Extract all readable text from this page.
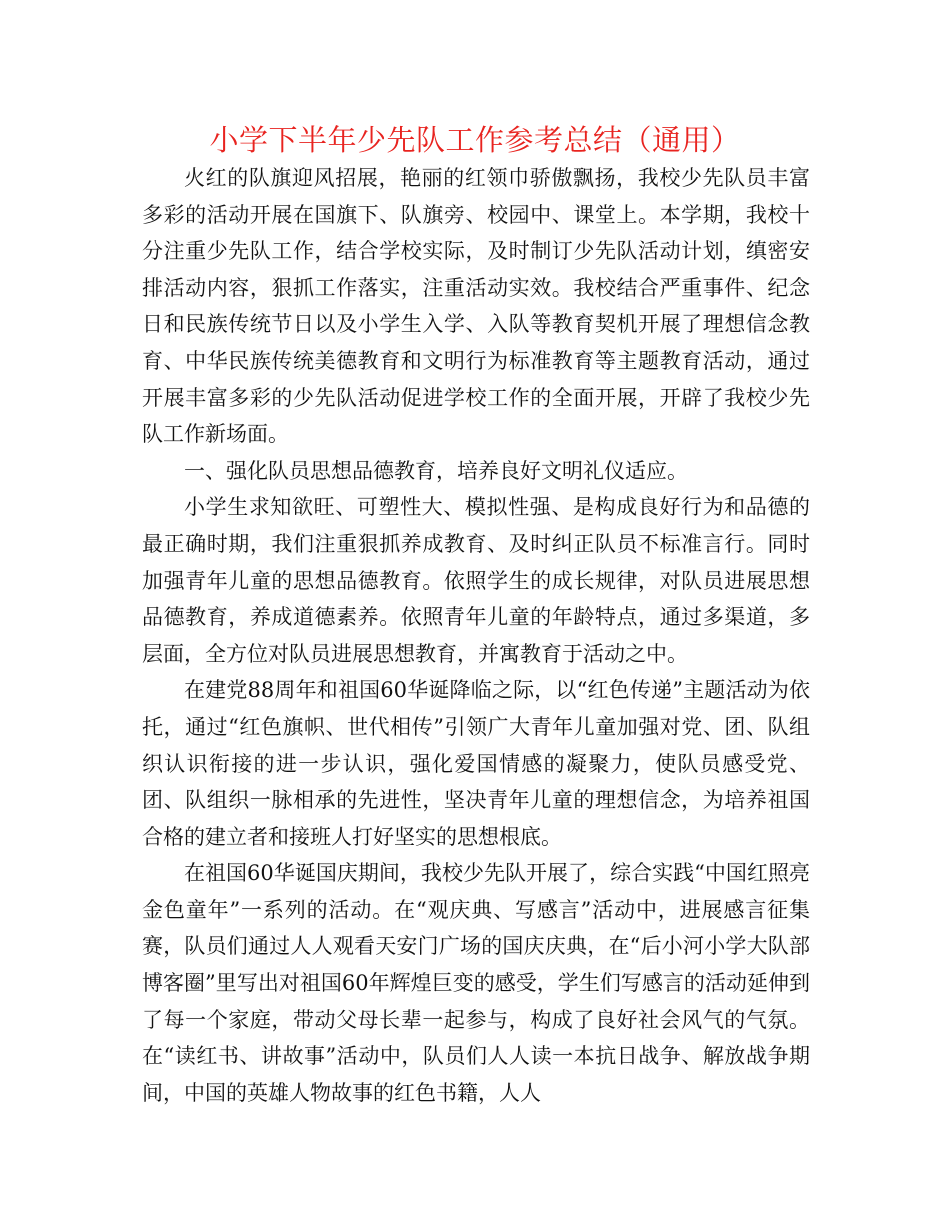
小学下半年少先队工作参考总结（通用）

火红的队旗迎风招展，艳丽的红领巾骄傲飘扬，我校少先队员丰富多彩的活动开展在国旗下、队旗旁、校园中、课堂上。本学期，我校十分注重少先队工作，结合学校实际，及时制订少先队活动计划，缜密安排活动内容，狠抓工作落实，注重活动实效。我校结合严重事件、纪念日和民族传统节日以及小学生入学、入队等教育契机开展了理想信念教育、中华民族传统美德教育和文明行为标准教育等主题教育活动，通过开展丰富多彩的少先队活动促进学校工作的全面开展，开辟了我校少先队工作新场面。

一、强化队员思想品德教育，培养良好文明礼仪适应。

小学生求知欲旺、可塑性大、模拟性强、是构成良好行为和品德的最正确时期，我们注重狠抓养成教育、及时纠正队员不标准言行。同时加强青年儿童的思想品德教育。依照学生的成长规律，对队员进展思想品德教育，养成道德素养。依照青年儿童的年龄特点，通过多渠道，多层面，全方位对队员进展思想教育，并寓教育于活动之中。

在建党88周年和祖国60华诞降临之际，以“红色传递”主题活动为依托，通过“红色旗帜、世代相传”引领广大青年儿童加强对党、团、队组织认识衔接的进一步认识，强化爱国情感的凝聚力，使队员感受党、团、队组织一脉相承的先进性，坚决青年儿童的理想信念，为培养祖国合格的建立者和接班人打好坚实的思想根底。

在祖国60华诞国庆期间，我校少先队开展了，综合实践“中国红照亮金色童年”一系列的活动。在“观庆典、写感言”活动中，进展感言征集赛，队员们通过人人观看天安门广场的国庆庆典，在“后小河小学大队部博客圈”里写出对祖国60年辉煌巨变的感受，学生们写感言的活动延伸到了每一个家庭，带动父母长辈一起参与，构成了良好社会风气的气氛。在“读红书、讲故事”活动中，队员们人人读一本抗日战争、解放战争期间，中国的英雄人物故事的红色书籍，人人
